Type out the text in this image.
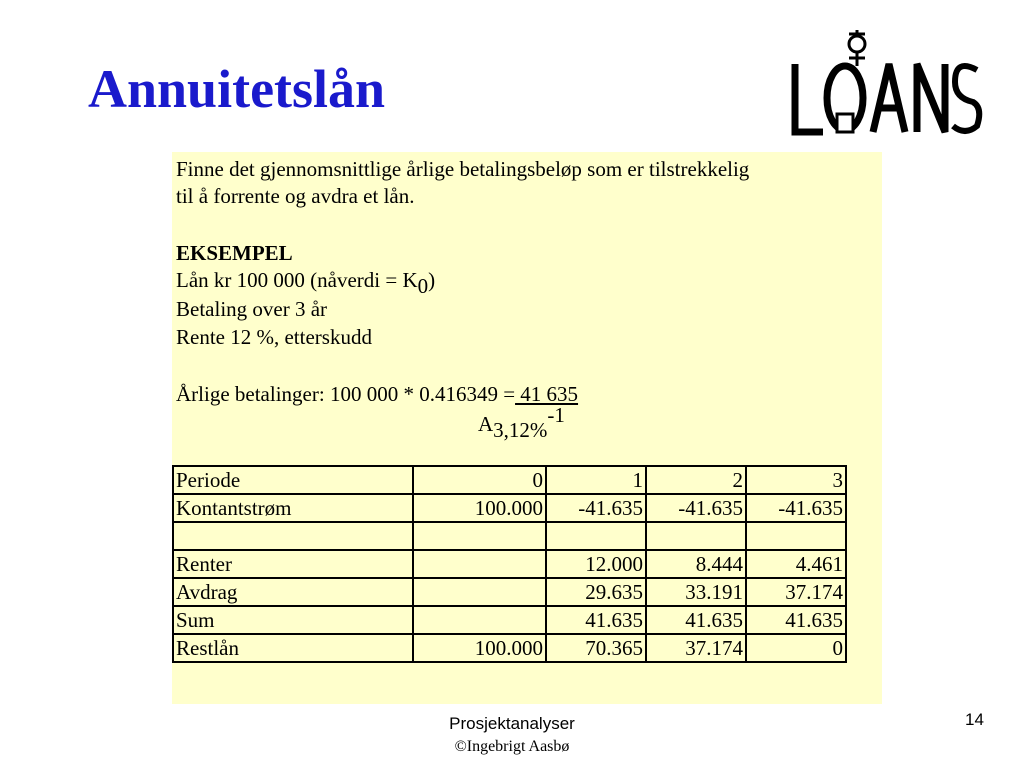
Annuitetslån
Finne det gjennomsnittlige årlige betalingsbeløp som er tilstrekkelig
til å forrente og avdra et lån.
EKSEMPEL
Lån kr 100 000 (nåverdi = K0)
Betaling over 3 år
Rente 12 %, etterskudd
Årlige betalinger: 100 000 * 0.416349 = 41 635
A3,12%-1
Periode	0	1	2	3
Kontantstrøm	100.000	-41.635	-41.635	-41.635

Renter		12.000	8.444	4.461
Avdrag		29.635	33.191	37.174
Sum		41.635	41.635	41.635
Restlån	100.000	70.365	37.174	0
Prosjektanalyser
©Ingebrigt Aasbø
14
